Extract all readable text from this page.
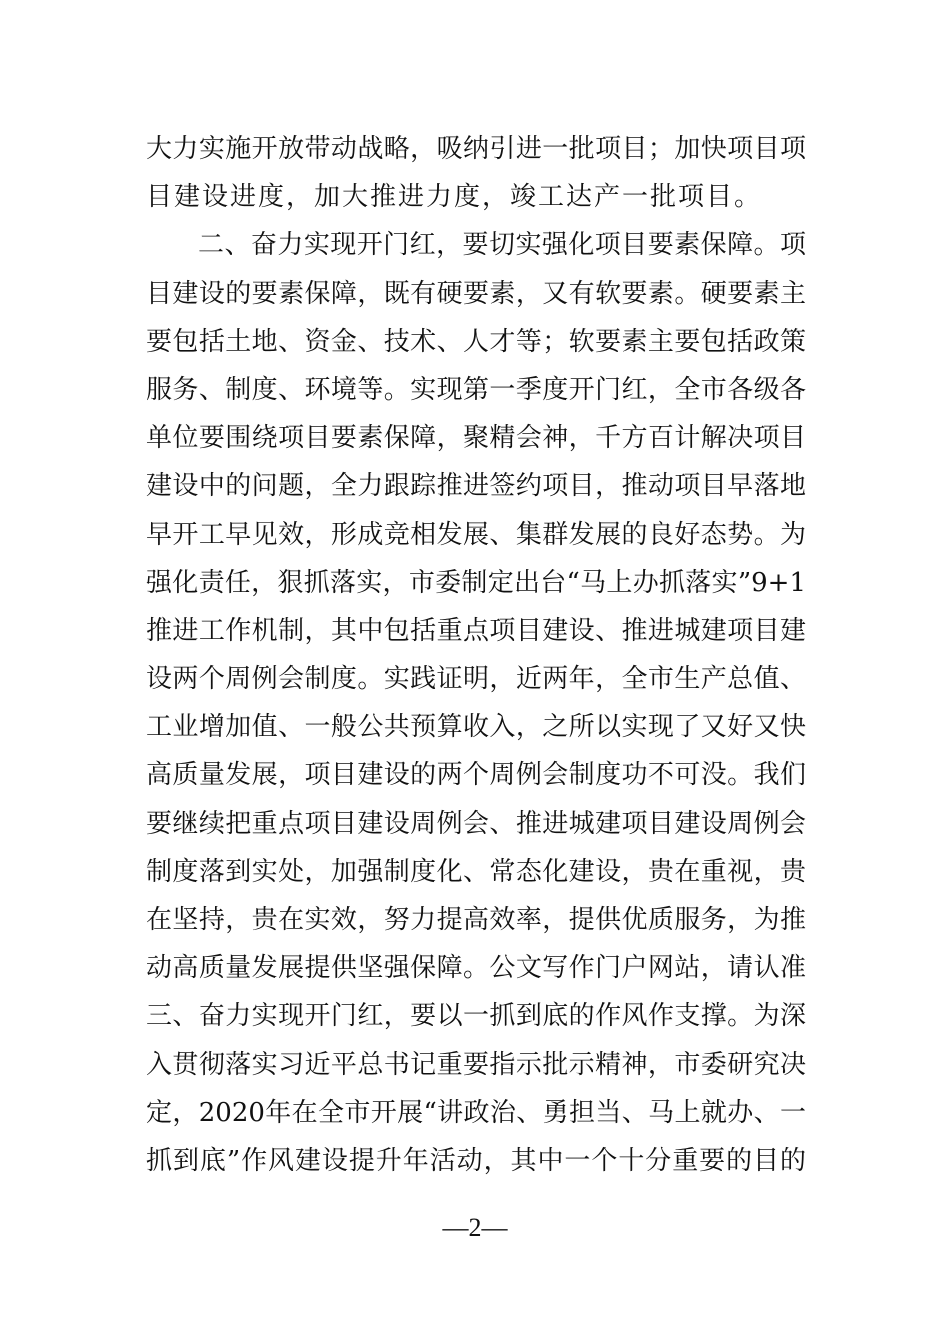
大力实施开放带动战略，吸纳引进一批项目；加快项目项
目建设进度，加大推进力度，竣工达产一批项目。
二、奋力实现开门红，要切实强化项目要素保障。项
目建设的要素保障，既有硬要素，又有软要素。硬要素主
要包括土地、资金、技术、人才等；软要素主要包括政策
服务、制度、环境等。实现第一季度开门红，全市各级各
单位要围绕项目要素保障，聚精会神，千方百计解决项目
建设中的问题，全力跟踪推进签约项目，推动项目早落地
早开工早见效，形成竞相发展、集群发展的良好态势。为
强化责任，狠抓落实，市委制定出台“马上办抓落实”9+1
推进工作机制，其中包括重点项目建设、推进城建项目建
设两个周例会制度。实践证明，近两年，全市生产总值、
工业增加值、一般公共预算收入，之所以实现了又好又快
高质量发展，项目建设的两个周例会制度功不可没。我们
要继续把重点项目建设周例会、推进城建项目建设周例会
制度落到实处，加强制度化、常态化建设，贵在重视，贵
在坚持，贵在实效，努力提高效率，提供优质服务，为推
动高质量发展提供坚强保障。公文写作门户网站，请认准
三、奋力实现开门红，要以一抓到底的作风作支撑。为深
入贯彻落实习近平总书记重要指示批示精神，市委研究决
定，2020年在全市开展“讲政治、勇担当、马上就办、一
抓到底”作风建设提升年活动，其中一个十分重要的目的
—2—
